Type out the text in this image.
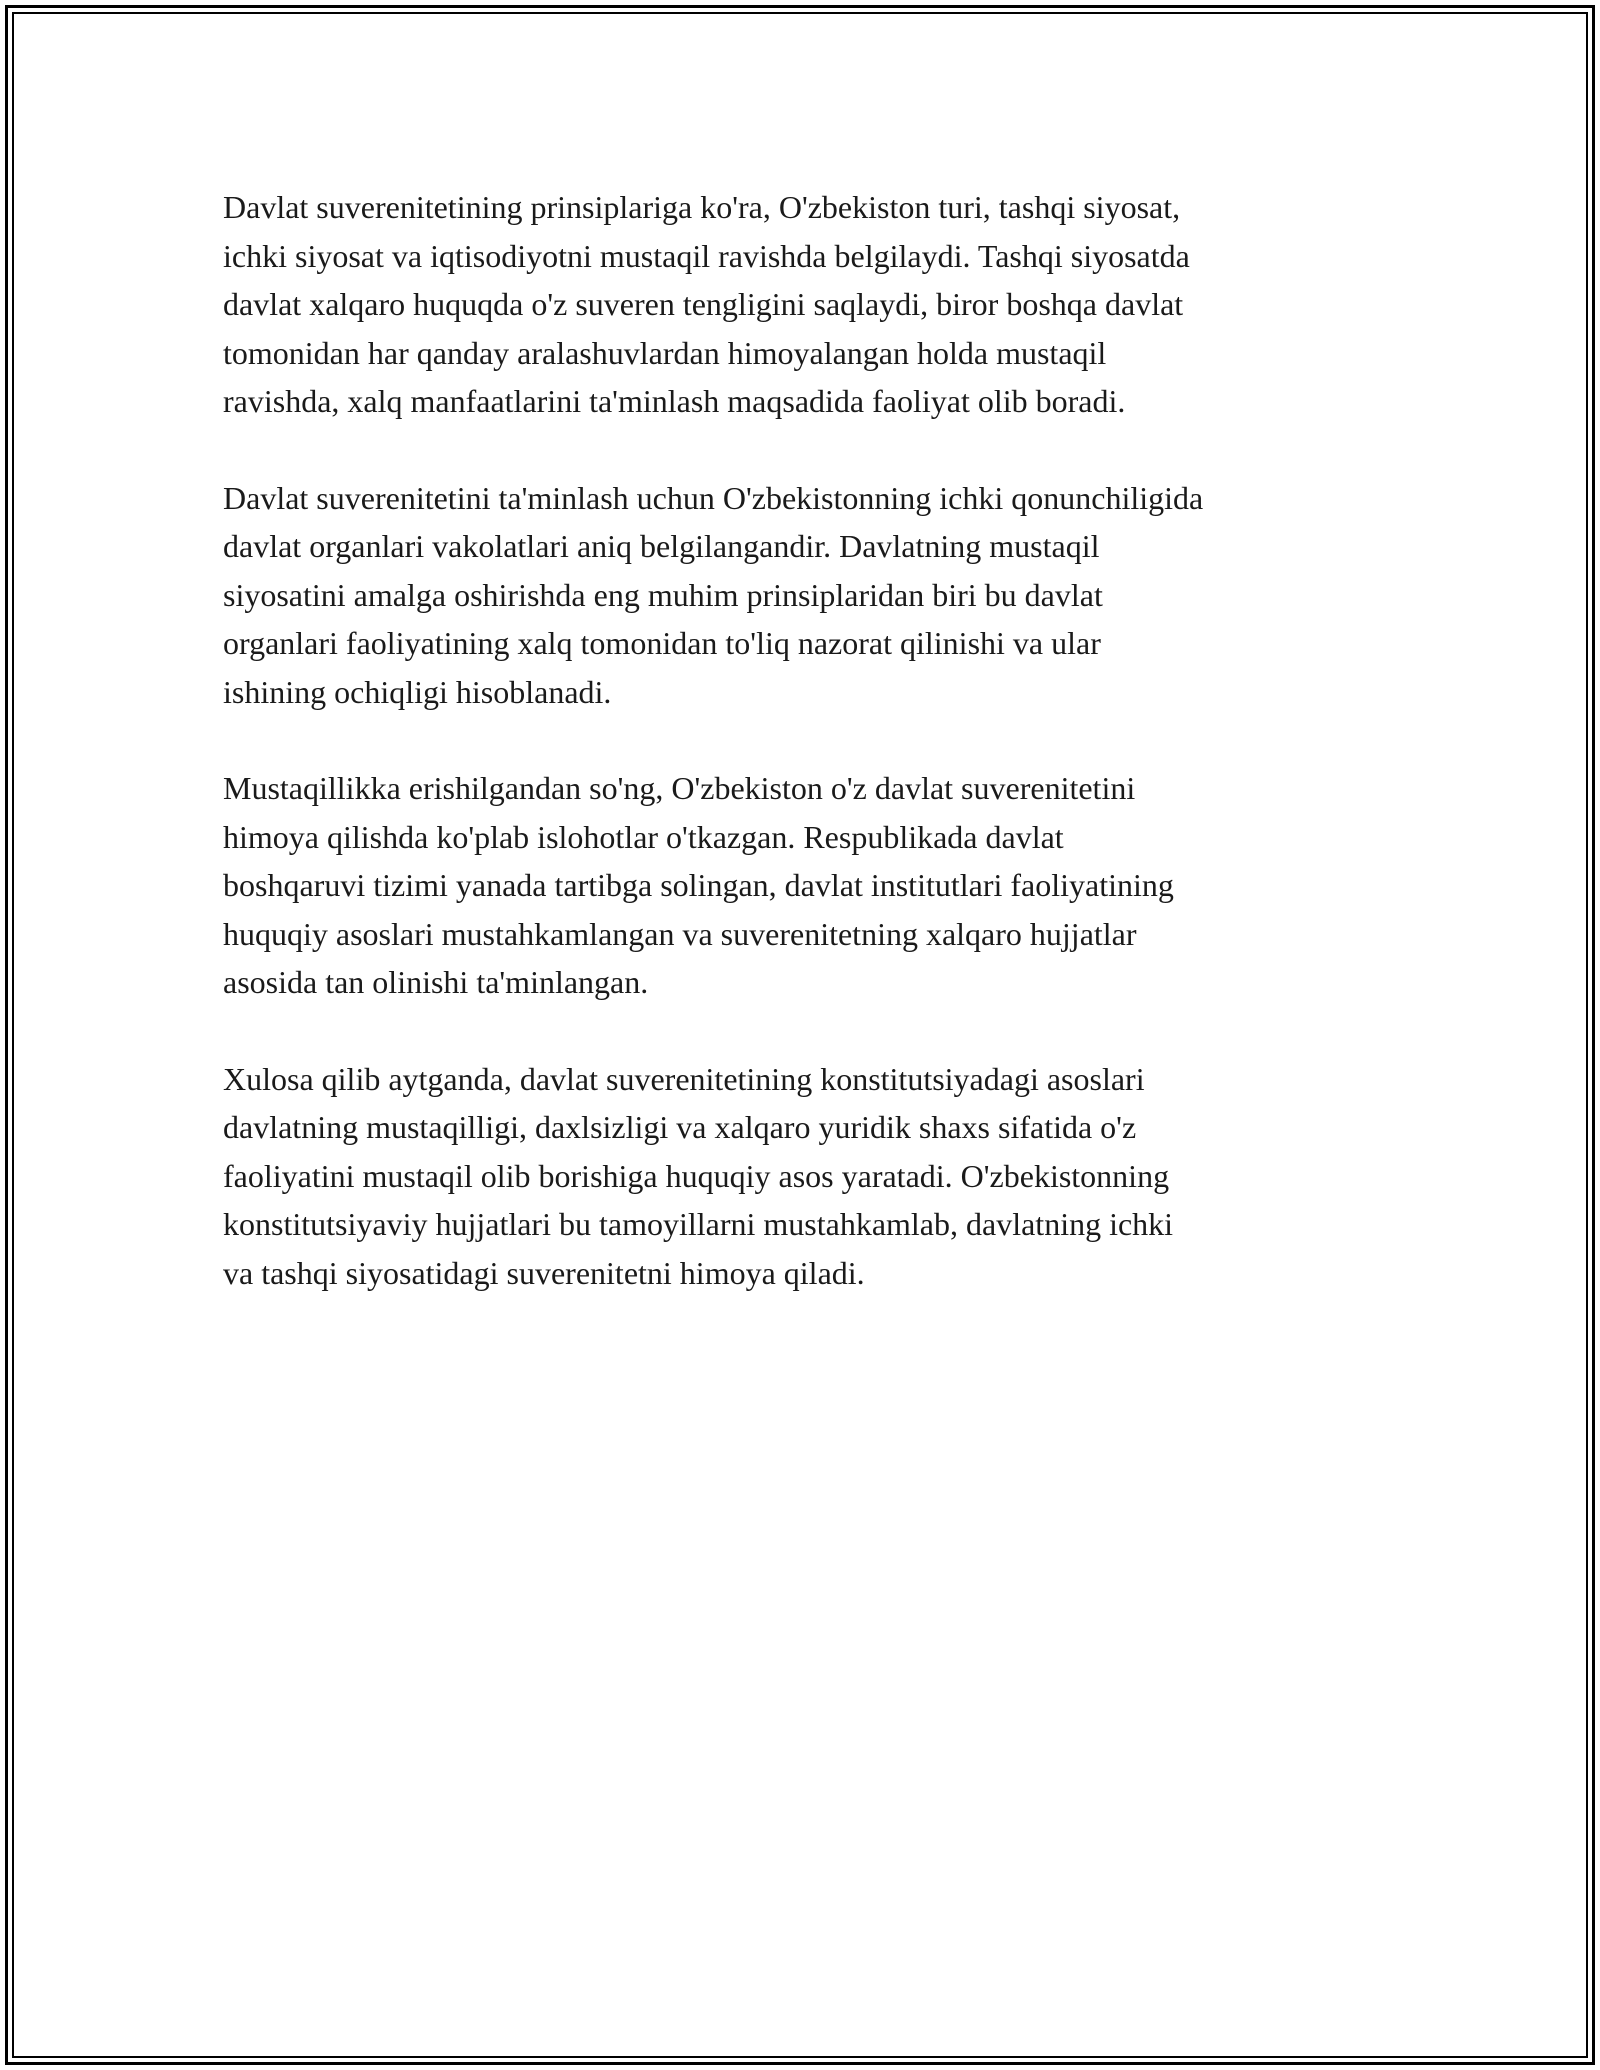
Davlat suverenitetining prinsiplariga ko'ra, O'zbekiston turi, tashqi siyosat,
ichki siyosat va iqtisodiyotni mustaqil ravishda belgilaydi. Tashqi siyosatda
davlat xalqaro huquqda o'z suveren tengligini saqlaydi, biror boshqa davlat
tomonidan har qanday aralashuvlardan himoyalangan holda mustaqil
ravishda, xalq manfaatlarini ta'minlash maqsadida faoliyat olib boradi.

Davlat suverenitetini ta'minlash uchun O'zbekistonning ichki qonunchiligida
davlat organlari vakolatlari aniq belgilangandir. Davlatning mustaqil
siyosatini amalga oshirishda eng muhim prinsiplaridan biri bu davlat
organlari faoliyatining xalq tomonidan to'liq nazorat qilinishi va ular
ishining ochiqligi hisoblanadi.

Mustaqillikka erishilgandan so'ng, O'zbekiston o'z davlat suverenitetini
himoya qilishda ko'plab islohotlar o'tkazgan. Respublikada davlat
boshqaruvi tizimi yanada tartibga solingan, davlat institutlari faoliyatining
huquqiy asoslari mustahkamlangan va suverenitetning xalqaro hujjatlar
asosida tan olinishi ta'minlangan.

Xulosa qilib aytganda, davlat suverenitetining konstitutsiyadagi asoslari
davlatning mustaqilligi, daxlsizligi va xalqaro yuridik shaxs sifatida o'z
faoliyatini mustaqil olib borishiga huquqiy asos yaratadi. O'zbekistonning
konstitutsiyaviy hujjatlari bu tamoyillarni mustahkamlab, davlatning ichki
va tashqi siyosatidagi suverenitetni himoya qiladi.
